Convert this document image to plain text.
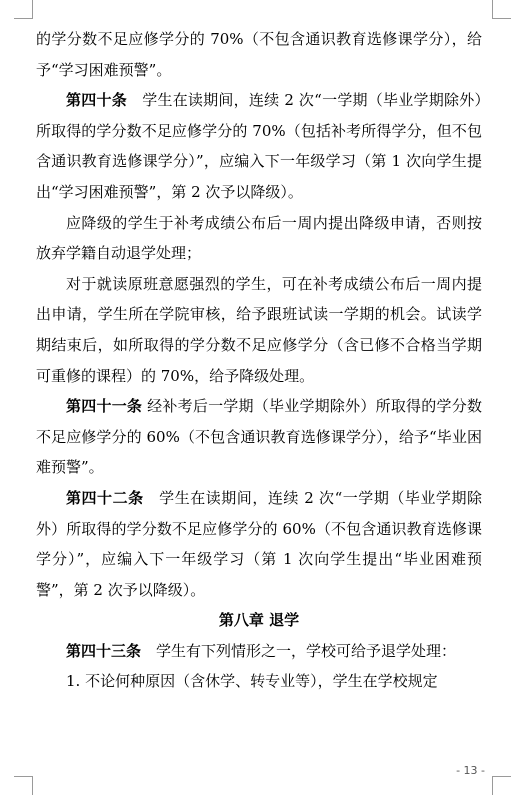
的学分数不足应修学分的 70%（不包含通识教育选修课学分），给予“学习困难预警”。

第四十条　学生在读期间，连续 2 次“一学期（毕业学期除外）所取得的学分数不足应修学分的 70%（包括补考所得学分，但不包含通识教育选修课学分）”，应编入下一年级学习（第 1 次向学生提出“学习困难预警”，第 2 次予以降级）。

应降级的学生于补考成绩公布后一周内提出降级申请，否则按放弃学籍自动退学处理；

对于就读原班意愿强烈的学生，可在补考成绩公布后一周内提出申请，学生所在学院审核，给予跟班试读一学期的机会。试读学期结束后，如所取得的学分数不足应修学分（含已修不合格当学期可重修的课程）的 70%，给予降级处理。

第四十一条 经补考后一学期（毕业学期除外）所取得的学分数不足应修学分的 60%（不包含通识教育选修课学分），给予“毕业困难预警”。

第四十二条　学生在读期间，连续 2 次“一学期（毕业学期除外）所取得的学分数不足应修学分的 60%（不包含通识教育选修课学分）”，应编入下一年级学习（第 1 次向学生提出“毕业困难预警”，第 2 次予以降级）。

第八章 退学

第四十三条　学生有下列情形之一，学校可给予退学处理：

1. 不论何种原因（含休学、转专业等），学生在学校规定

- 13 -
